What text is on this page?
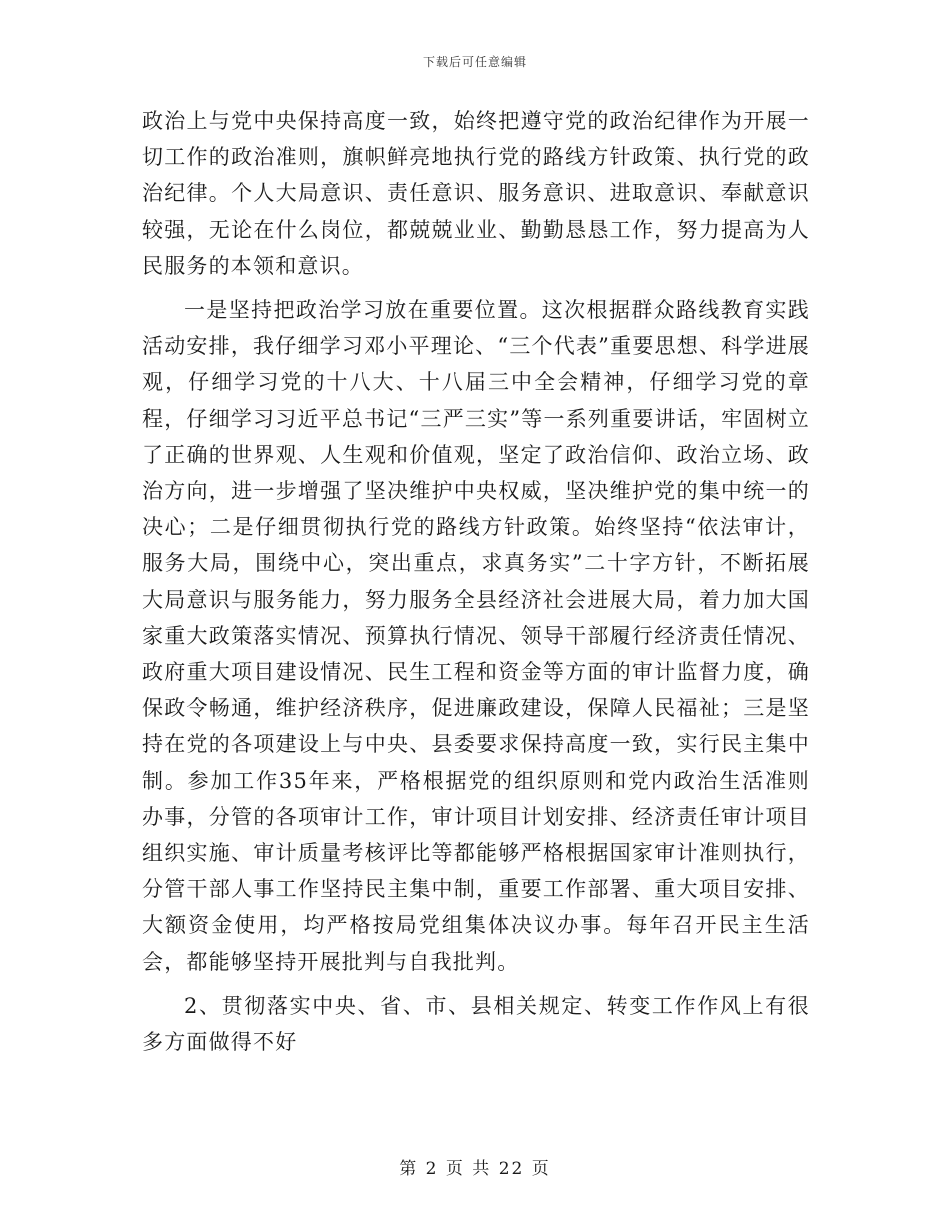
下载后可任意编辑

政治上与党中央保持高度一致，始终把遵守党的政治纪律作为开展一切工作的政治准则，旗帜鲜亮地执行党的路线方针政策、执行党的政治纪律。个人大局意识、责任意识、服务意识、进取意识、奉献意识较强，无论在什么岗位，都兢兢业业、勤勤恳恳工作，努力提高为人民服务的本领和意识。

一是坚持把政治学习放在重要位置。这次根据群众路线教育实践活动安排，我仔细学习邓小平理论、“三个代表”重要思想、科学进展观，仔细学习党的十八大、十八届三中全会精神，仔细学习党的章程，仔细学习习近平总书记“三严三实”等一系列重要讲话，牢固树立了正确的世界观、人生观和价值观，坚定了政治信仰、政治立场、政治方向，进一步增强了坚决维护中央权威，坚决维护党的集中统一的决心；二是仔细贯彻执行党的路线方针政策。始终坚持“依法审计，服务大局，围绕中心，突出重点，求真务实”二十字方针，不断拓展大局意识与服务能力，努力服务全县经济社会进展大局，着力加大国家重大政策落实情况、预算执行情况、领导干部履行经济责任情况、政府重大项目建设情况、民生工程和资金等方面的审计监督力度，确保政令畅通，维护经济秩序，促进廉政建设，保障人民福祉；三是坚持在党的各项建设上与中央、县委要求保持高度一致，实行民主集中制。参加工作35年来，严格根据党的组织原则和党内政治生活准则办事，分管的各项审计工作，审计项目计划安排、经济责任审计项目组织实施、审计质量考核评比等都能够严格根据国家审计准则执行，分管干部人事工作坚持民主集中制，重要工作部署、重大项目安排、大额资金使用，均严格按局党组集体决议办事。每年召开民主生活会，都能够坚持开展批判与自我批判。

2、贯彻落实中央、省、市、县相关规定、转变工作作风上有很多方面做得不好

第 2 页 共 22 页
